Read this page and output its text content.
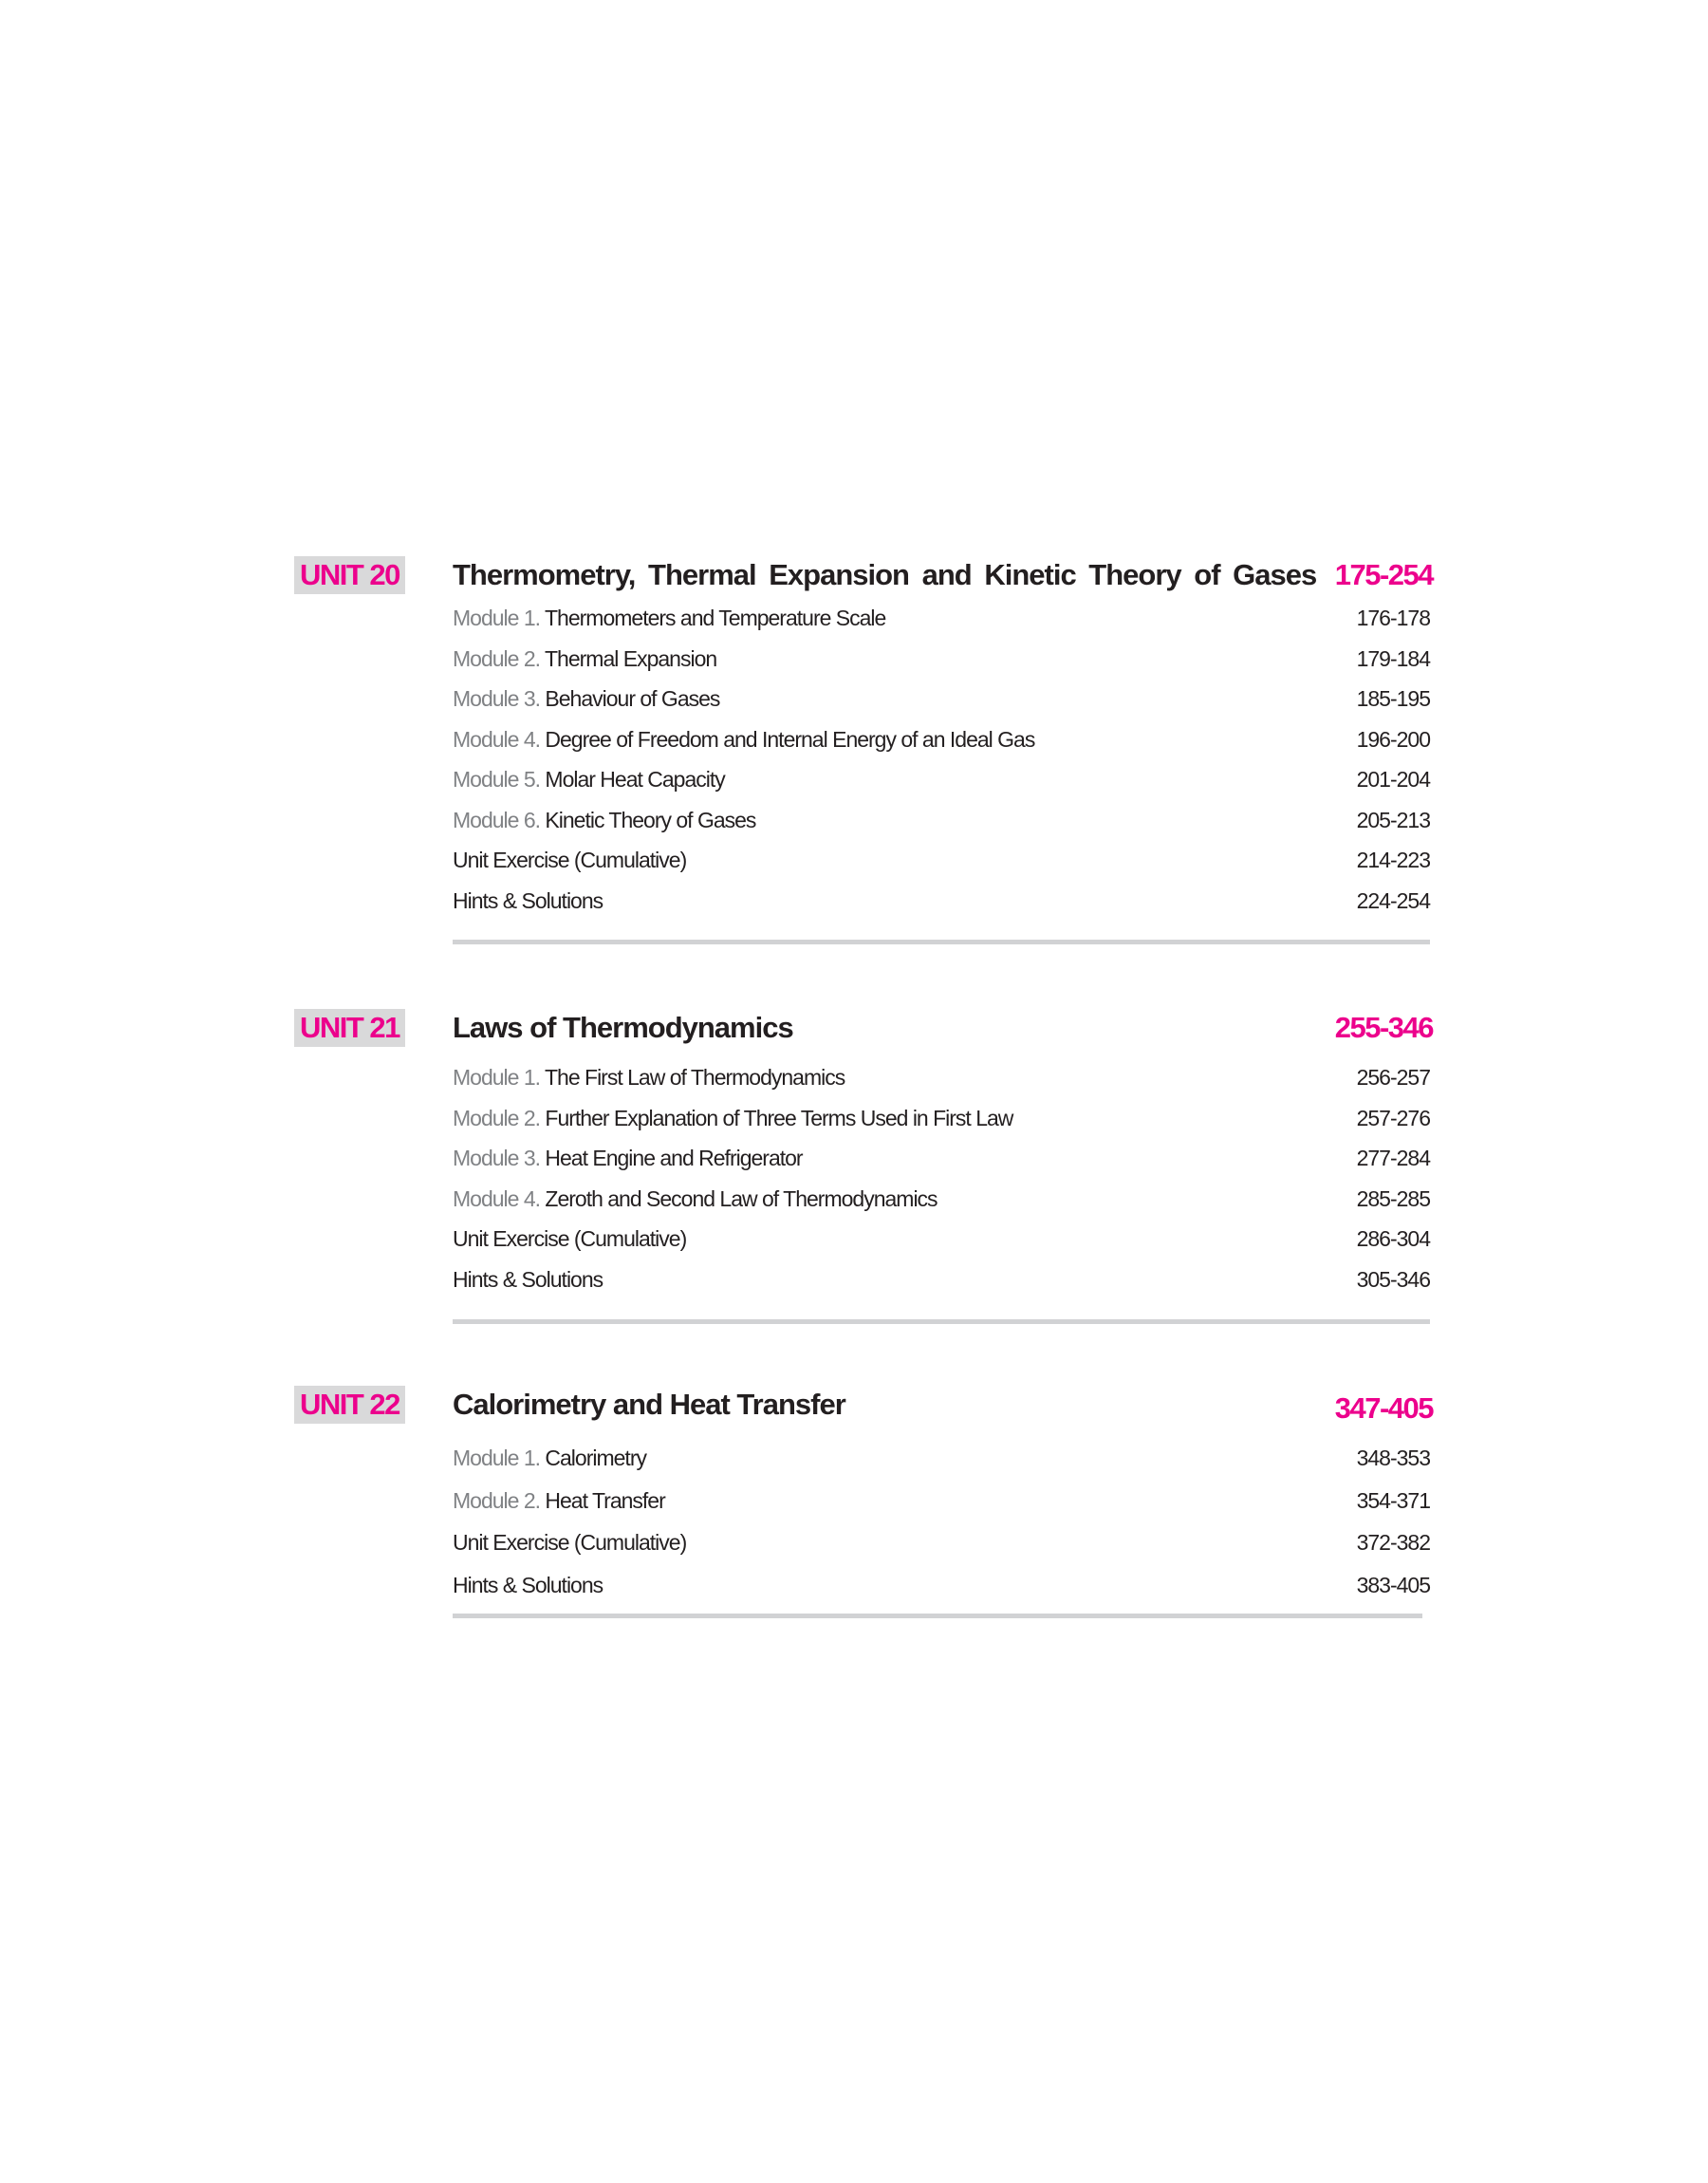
UNIT 20 Thermometry, Thermal Expansion and Kinetic Theory of Gases 175-254
Module 1. Thermometers and Temperature Scale	176-178
Module 2. Thermal Expansion	179-184
Module 3. Behaviour of Gases	185-195
Module 4. Degree of Freedom and Internal Energy of an Ideal Gas	196-200
Module 5. Molar Heat Capacity	201-204
Module 6. Kinetic Theory of Gases	205-213
Unit Exercise (Cumulative)	214-223
Hints & Solutions	224-254
UNIT 21 Laws of Thermodynamics	255-346
Module 1. The First Law of Thermodynamics	256-257
Module 2. Further Explanation of Three Terms Used in First Law	257-276
Module 3. Heat Engine and Refrigerator	277-284
Module 4. Zeroth and Second Law of Thermodynamics	285-285
Unit Exercise (Cumulative)	286-304
Hints & Solutions	305-346
UNIT 22 Calorimetry and Heat Transfer	347-405
Module 1. Calorimetry	348-353
Module 2. Heat Transfer	354-371
Unit Exercise (Cumulative)	372-382
Hints & Solutions	383-405
